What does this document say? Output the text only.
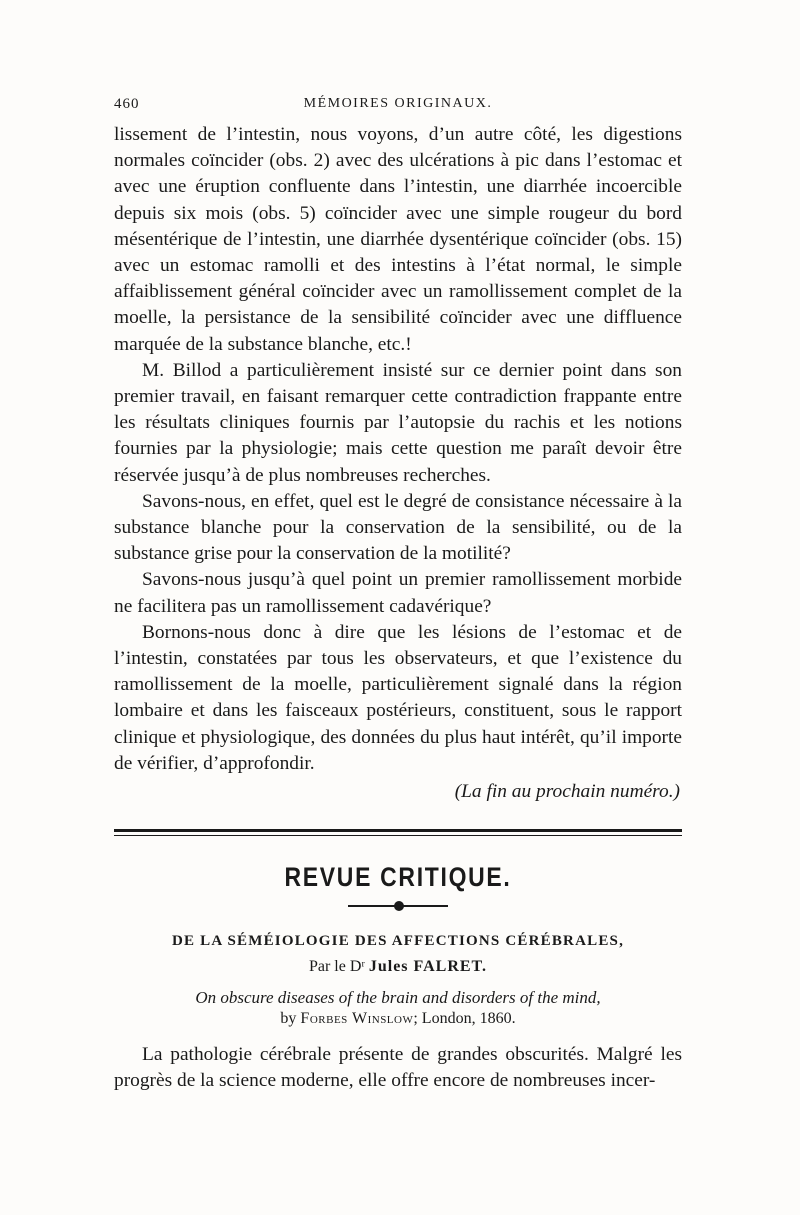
460	MÉMOIRES ORIGINAUX.

lissement de l’intestin, nous voyons, d’un autre côté, les digestions normales coïncider (obs. 2) avec des ulcérations à pic dans l’estomac et avec une éruption confluente dans l’intestin, une diarrhée incoercible depuis six mois (obs. 5) coïncider avec une simple rougeur du bord mésentérique de l’intestin, une diarrhée dysentérique coïncider (obs. 15) avec un estomac ramolli et des intestins à l’état normal, le simple affaiblissement général coïncider avec un ramollissement complet de la moelle, la persistance de la sensibilité coïncider avec une diffluence marquée de la substance blanche, etc.!

M. Billod a particulièrement insisté sur ce dernier point dans son premier travail, en faisant remarquer cette contradiction frappante entre les résultats cliniques fournis par l’autopsie du rachis et les notions fournies par la physiologie; mais cette question me paraît devoir être réservée jusqu’à de plus nombreuses recherches.

Savons-nous, en effet, quel est le degré de consistance nécessaire à la substance blanche pour la conservation de la sensibilité, ou de la substance grise pour la conservation de la motilité?

Savons-nous jusqu’à quel point un premier ramollissement morbide ne facilitera pas un ramollissement cadavérique?

Bornons-nous donc à dire que les lésions de l’estomac et de l’intestin, constatées par tous les observateurs, et que l’existence du ramollissement de la moelle, particulièrement signalé dans la région lombaire et dans les faisceaux postérieurs, constituent, sous le rapport clinique et physiologique, des données du plus haut intérêt, qu’il importe de vérifier, d’approfondir.

(La fin au prochain numéro.)
REVUE CRITIQUE.
DE LA SÉMÉIOLOGIE DES AFFECTIONS CÉRÉBRALES,
Par le Dʳ Jules FALRET.
On obscure diseases of the brain and disorders of the mind,
by Forbes Winslow; London, 1860.

La pathologie cérébrale présente de grandes obscurités. Malgré les progrès de la science moderne, elle offre encore de nombreuses incer-
